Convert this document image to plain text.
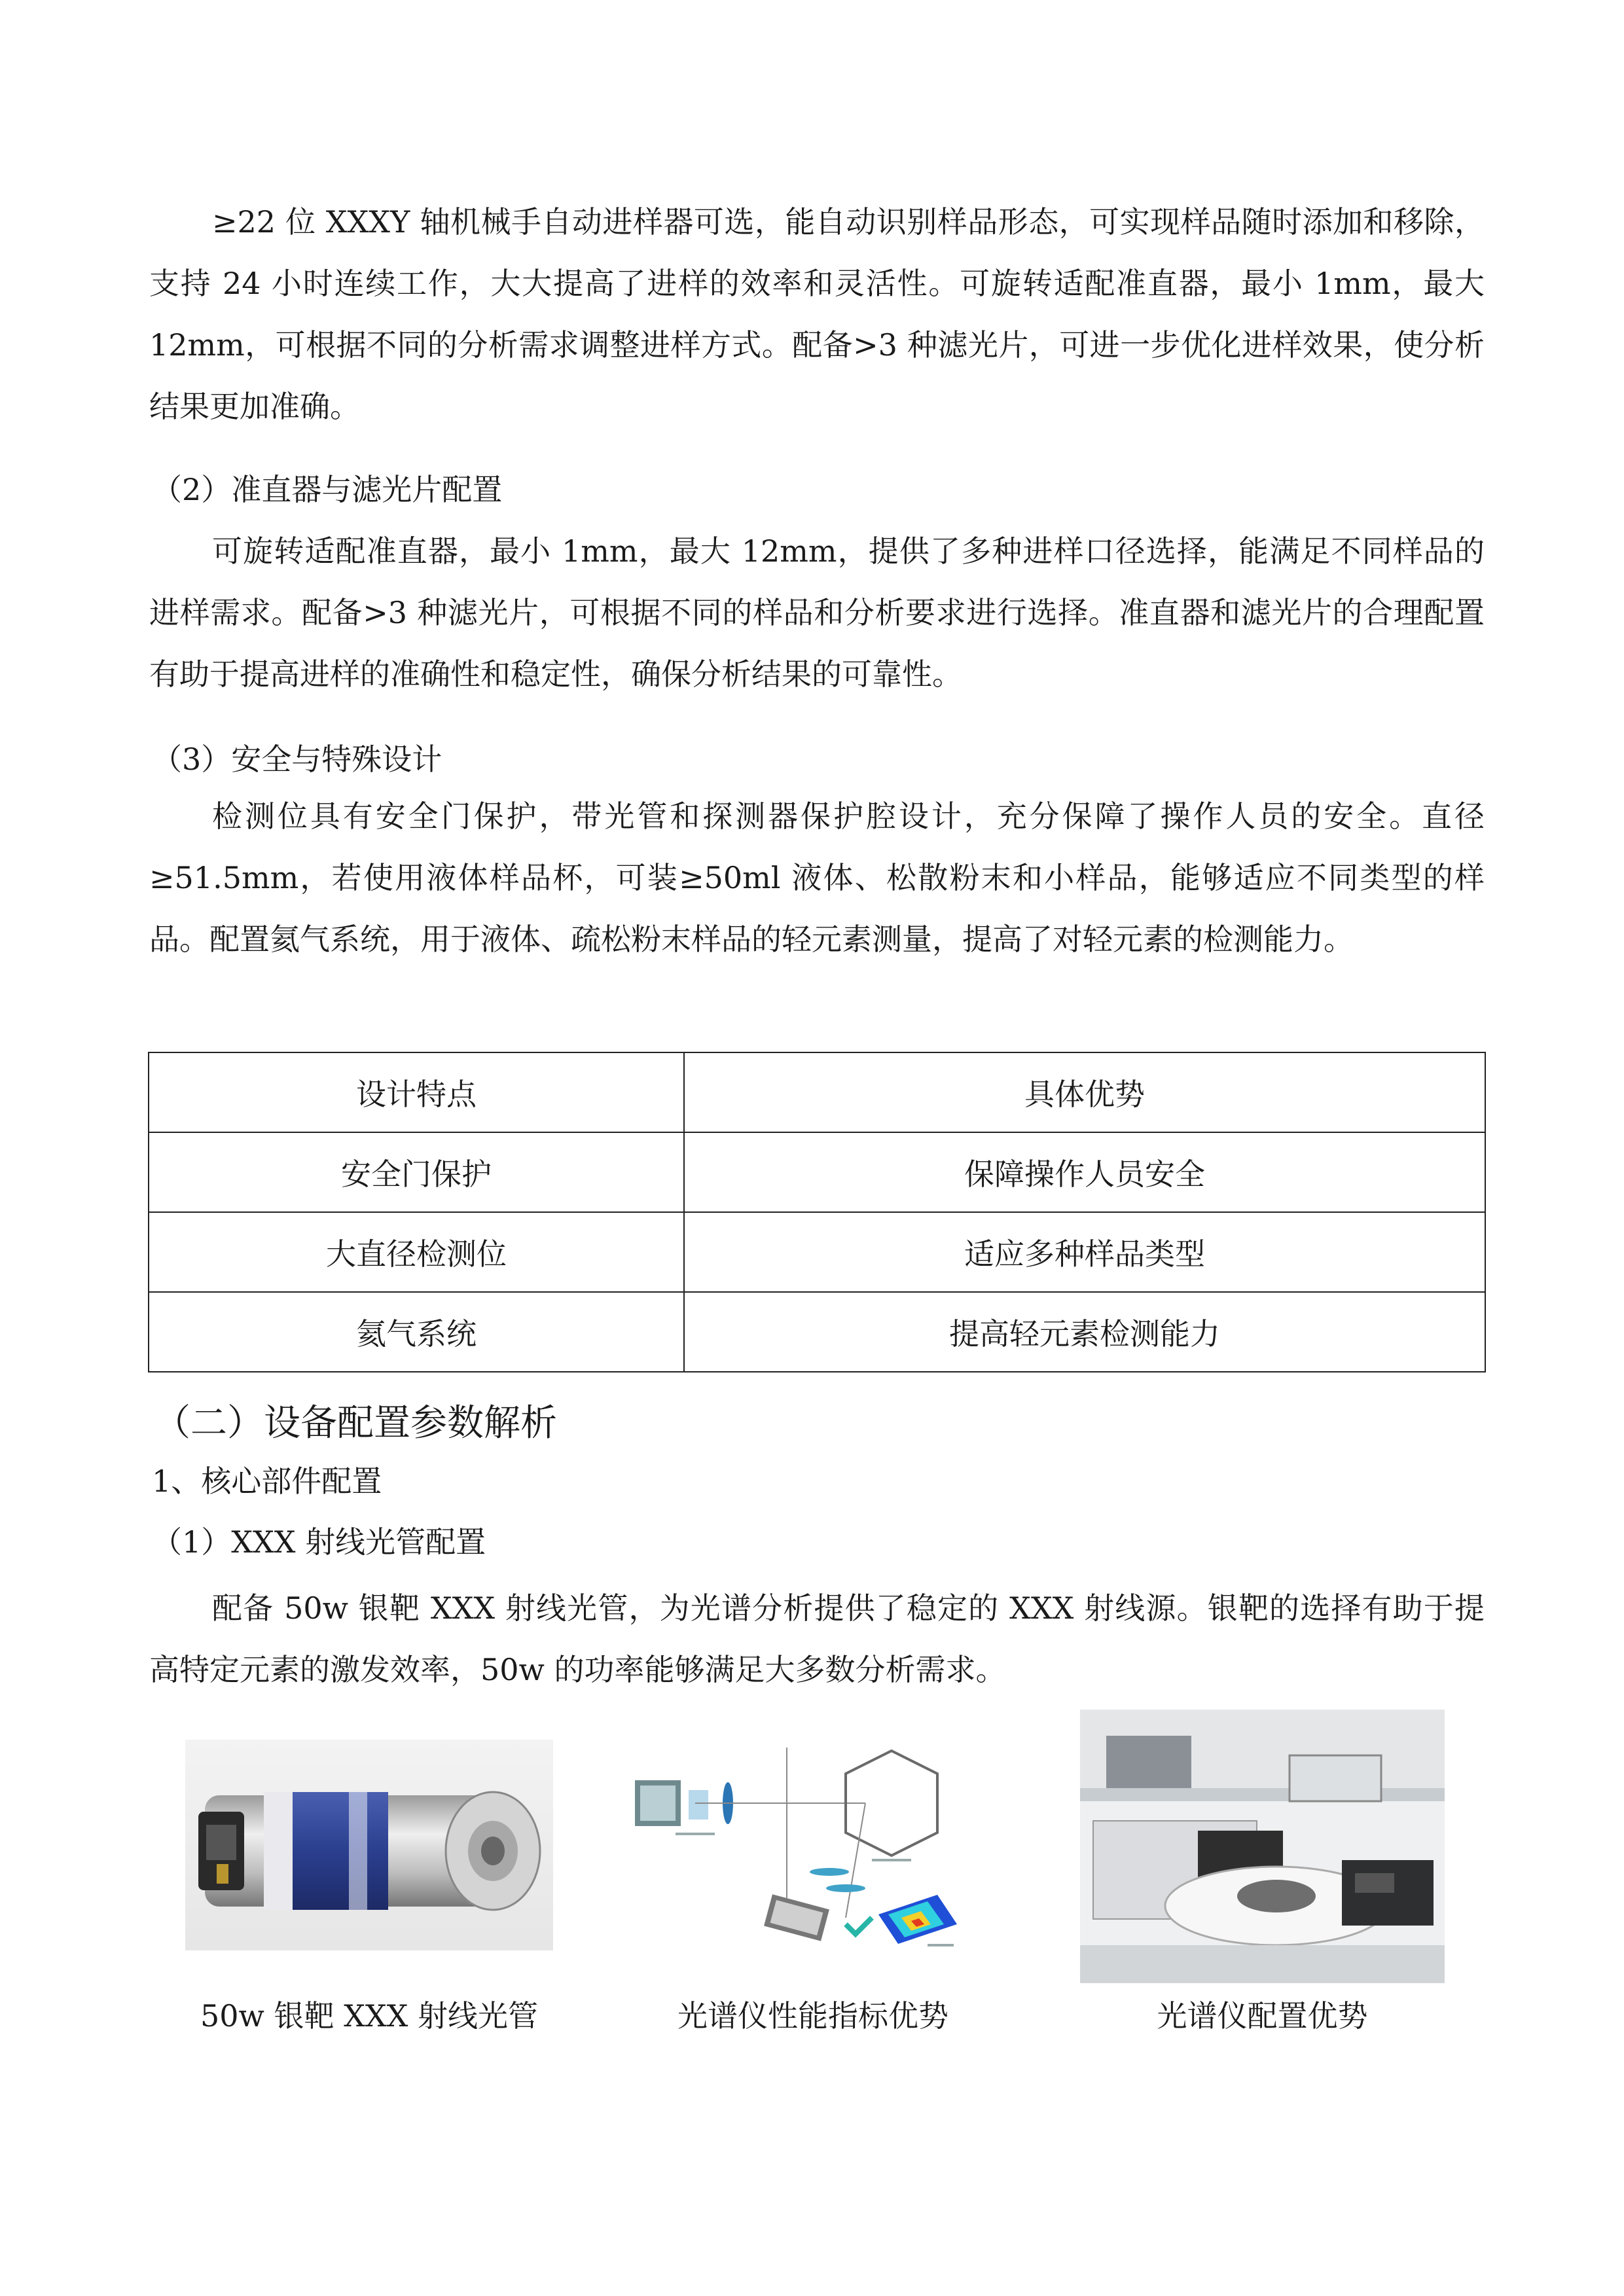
≥22 位 XXXY 轴机械手自动进样器可选，能自动识别样品形态，可实现样品随时添加和移除，支持 24 小时连续工作，大大提高了进样的效率和灵活性。可旋转适配准直器，最小 1mm，最大 12mm，可根据不同的分析需求调整进样方式。配备>3 种滤光片，可进一步优化进样效果，使分析结果更加准确。

（2）准直器与滤光片配置

可旋转适配准直器，最小 1mm，最大 12mm，提供了多种进样口径选择，能满足不同样品的进样需求。配备>3 种滤光片，可根据不同的样品和分析要求进行选择。准直器和滤光片的合理配置有助于提高进样的准确性和稳定性，确保分析结果的可靠性。

（3）安全与特殊设计

检测位具有安全门保护，带光管和探测器保护腔设计，充分保障了操作人员的安全。直径≥51.5mm，若使用液体样品杯，可装≥50ml 液体、松散粉末和小样品，能够适应不同类型的样品。配置氦气系统，用于液体、疏松粉末样品的轻元素测量，提高了对轻元素的检测能力。

设计特点	具体优势
安全门保护	保障操作人员安全
大直径检测位	适应多种样品类型
氦气系统	提高轻元素检测能力

（二）设备配置参数解析

1、核心部件配置

（1）XXX 射线光管配置

配备 50w 银靶 XXX 射线光管，为光谱分析提供了稳定的 XXX 射线源。银靶的选择有助于提高特定元素的激发效率，50w 的功率能够满足大多数分析需求。

50w 银靶 XXX 射线光管	光谱仪性能指标优势	光谱仪配置优势
